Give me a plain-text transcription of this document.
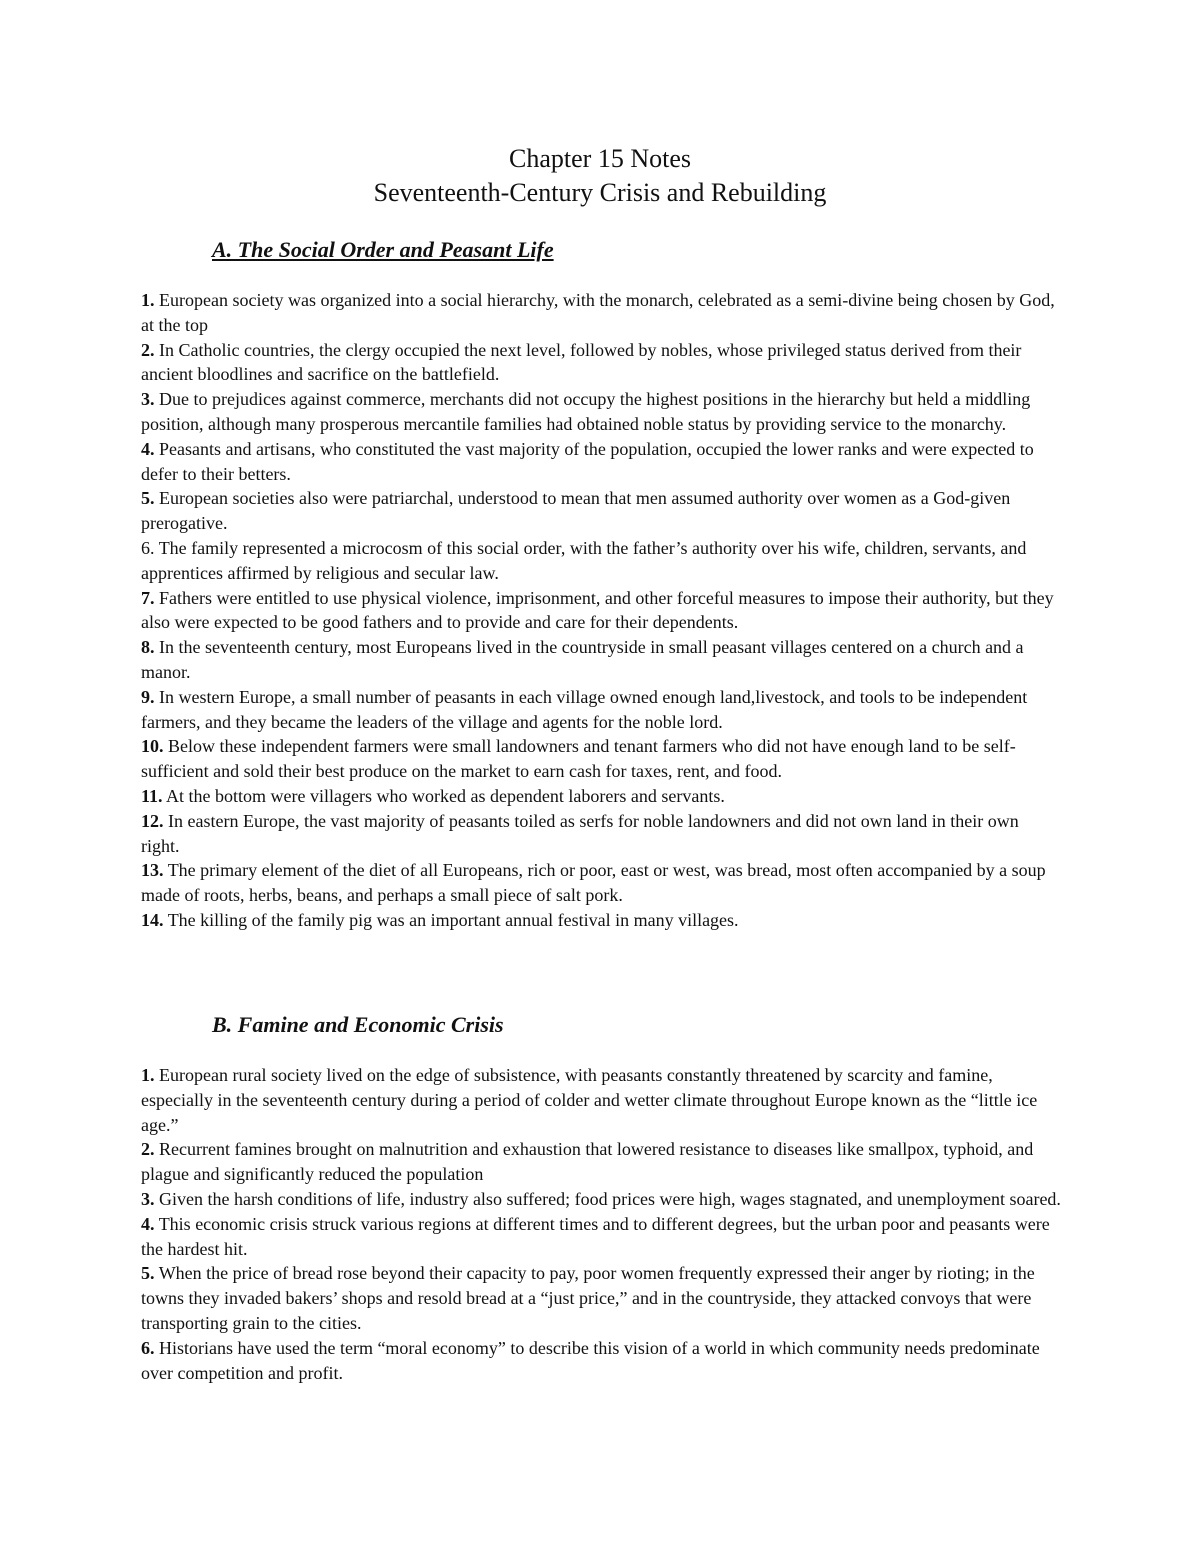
Chapter 15 Notes
Seventeenth-Century Crisis and Rebuilding
A. The Social Order and Peasant Life
1. European society was organized into a social hierarchy, with the monarch, celebrated as a semi-divine being chosen by God, at the top
2. In Catholic countries, the clergy occupied the next level, followed by nobles, whose privileged status derived from their ancient bloodlines and sacrifice on the battlefield.
3. Due to prejudices against commerce, merchants did not occupy the highest positions in the hierarchy but held a middling position, although many prosperous mercantile families had obtained noble status by providing service to the monarchy.
4. Peasants and artisans, who constituted the vast majority of the population, occupied the lower ranks and were expected to defer to their betters.
5. European societies also were patriarchal, understood to mean that men assumed authority over women as a God-given prerogative.
6. The family represented a microcosm of this social order, with the father’s authority over his wife, children, servants, and apprentices affirmed by religious and secular law.
7. Fathers were entitled to use physical violence, imprisonment, and other forceful measures to impose their authority, but they also were expected to be good fathers and to provide and care for their dependents.
8. In the seventeenth century, most Europeans lived in the countryside in small peasant villages centered on a church and a manor.
9. In western Europe, a small number of peasants in each village owned enough land,livestock, and tools to be independent farmers, and they became the leaders of the village and agents for the noble lord.
10. Below these independent farmers were small landowners and tenant farmers who did not have enough land to be self-sufficient and sold their best produce on the market to earn cash for taxes, rent, and food.
11. At the bottom were villagers who worked as dependent laborers and servants.
12. In eastern Europe, the vast majority of peasants toiled as serfs for noble landowners and did not own land in their own right.
13. The primary element of the diet of all Europeans, rich or poor, east or west, was bread, most often accompanied by a soup made of roots, herbs, beans, and perhaps a small piece of salt pork.
14. The killing of the family pig was an important annual festival in many villages.
B. Famine and Economic Crisis
1. European rural society lived on the edge of subsistence, with peasants constantly threatened by scarcity and famine, especially in the seventeenth century during a period of colder and wetter climate throughout Europe known as the “little ice age.”
2. Recurrent famines brought on malnutrition and exhaustion that lowered resistance to diseases like smallpox, typhoid, and plague and significantly reduced the population
3. Given the harsh conditions of life, industry also suffered; food prices were high, wages stagnated, and unemployment soared.
4. This economic crisis struck various regions at different times and to different degrees, but the urban poor and peasants were the hardest hit.
5. When the price of bread rose beyond their capacity to pay, poor women frequently expressed their anger by rioting; in the towns they invaded bakers’ shops and resold bread at a “just price,” and in the countryside, they attacked convoys that were transporting grain to the cities.
6. Historians have used the term “moral economy” to describe this vision of a world in which community needs predominate over competition and profit.
